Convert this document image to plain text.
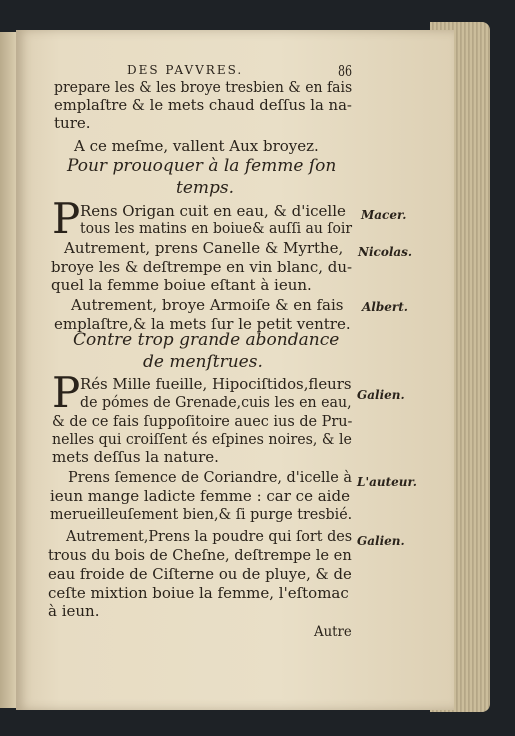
DES PAVVRES.	86
prepare les & les broye tresbien & en fais
emplaſtre & le mets chaud deſſus la na-
ture.
A ce meſme, vallent Aux broyez.
Pour prouoquer à la femme ſon
temps.
P Rens Origan cuit en eau, & d'icelle
tous les matins en boiue& auſſi au ſoir
Macer.
Autrement, prens Canelle & Myrthe,
broye les & deſtrempe en vin blanc, du-
quel la femme boiue eſtant à ieun.
Nicolas.
Autrement, broye Armoiſe & en fais
emplaſtre,& la mets ſur le petit ventre.
Albert.
Contre trop grande abondance
de menſtrues.
P Rés Mille fueille, Hipociſtidos,fleurs
de pómes de Grenade,cuis les en eau,
& de ce fais ſuppoſitoire auec ius de Pru-
nelles qui croiſſent és eſpines noires, & le
mets deſſus la nature.
Galien.
Prens ſemence de Coriandre, d'icelle à
ieun mange ladicte femme : car ce aide
merueilleuſement bien,& ſi purge tresbié.
L'auteur.
Autrement,Prens la poudre qui ſort des
trous du bois de Cheſne, deſtrempe le en
eau froide de Ciſterne ou de pluye, & de
ceſte mixtion boiue la femme, l'eſtomac
à ieun.
Galien.
Autre
